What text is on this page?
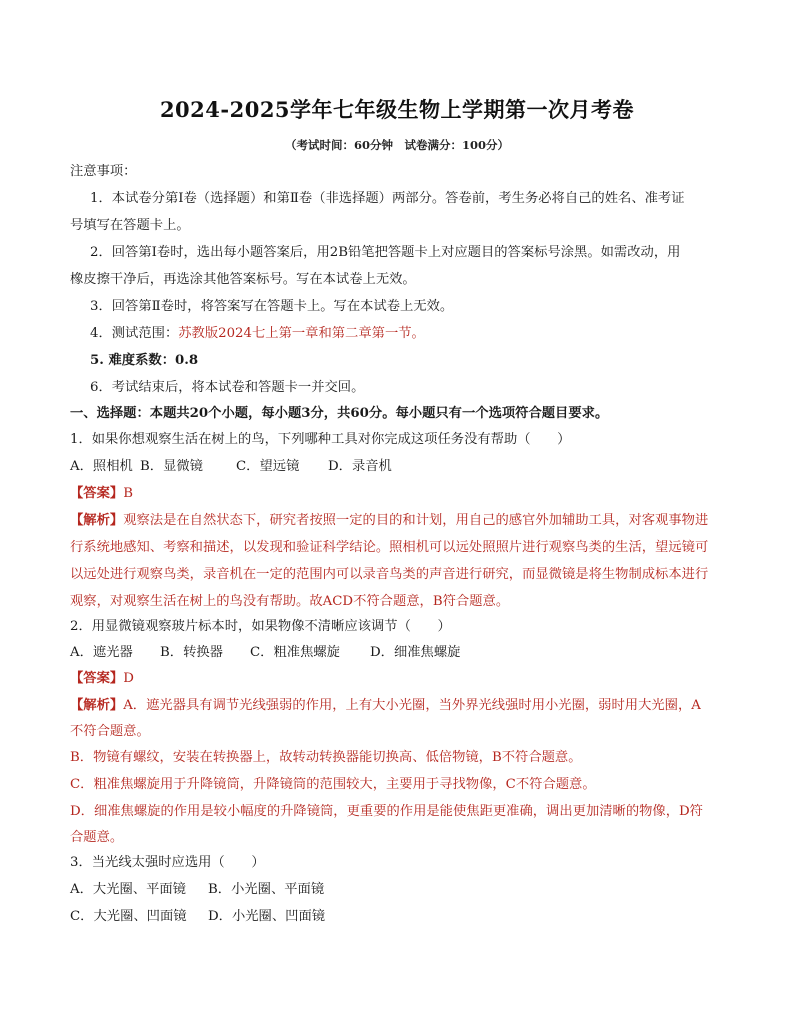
2024-2025学年七年级生物上学期第一次月考卷
（考试时间：60分钟　试卷满分：100分）
注意事项：
1．本试卷分第Ⅰ卷（选择题）和第Ⅱ卷（非选择题）两部分。答卷前，考生务必将自己的姓名、准考证
号填写在答题卡上。
2．回答第Ⅰ卷时，选出每小题答案后，用2B铅笔把答题卡上对应题目的答案标号涂黑。如需改动，用
橡皮擦干净后，再选涂其他答案标号。写在本试卷上无效。
3．回答第Ⅱ卷时，将答案写在答题卡上。写在本试卷上无效。
4．测试范围：苏教版2024七上第一章和第二章第一节。
5. 难度系数：0.8
6．考试结束后，将本试卷和答题卡一并交回。
一、选择题：本题共20个小题，每小题3分，共60分。每小题只有一个选项符合题目要求。
1．如果你想观察生活在树上的鸟，下列哪种工具对你完成这项任务没有帮助（　　）
A．照相机 B．显微镜 C．望远镜 D．录音机
【答案】B
【解析】观察法是在自然状态下，研究者按照一定的目的和计划，用自己的感官外加辅助工具，对客观事物进
行系统地感知、考察和描述，以发现和验证科学结论。照相机可以远处照照片进行观察鸟类的生活，望远镜可
以远处进行观察鸟类，录音机在一定的范围内可以录音鸟类的声音进行研究，而显微镜是将生物制成标本进行
观察，对观察生活在树上的鸟没有帮助。故ACD不符合题意，B符合题意。
2．用显微镜观察玻片标本时，如果物像不清晰应该调节（　　）
A．遮光器 B．转换器 C．粗准焦螺旋 D．细准焦螺旋
【答案】D
【解析】A．遮光器具有调节光线强弱的作用，上有大小光圈，当外界光线强时用小光圈，弱时用大光圈，A
不符合题意。
B．物镜有螺纹，安装在转换器上，故转动转换器能切换高、低倍物镜，B不符合题意。
C．粗准焦螺旋用于升降镜筒，升降镜筒的范围较大，主要用于寻找物像，C不符合题意。
D．细准焦螺旋的作用是较小幅度的升降镜筒，更重要的作用是能使焦距更准确，调出更加清晰的物像，D符
合题意。
3．当光线太强时应选用（　　）
A．大光圈、平面镜 B．小光圈、平面镜
C．大光圈、凹面镜 D．小光圈、凹面镜
